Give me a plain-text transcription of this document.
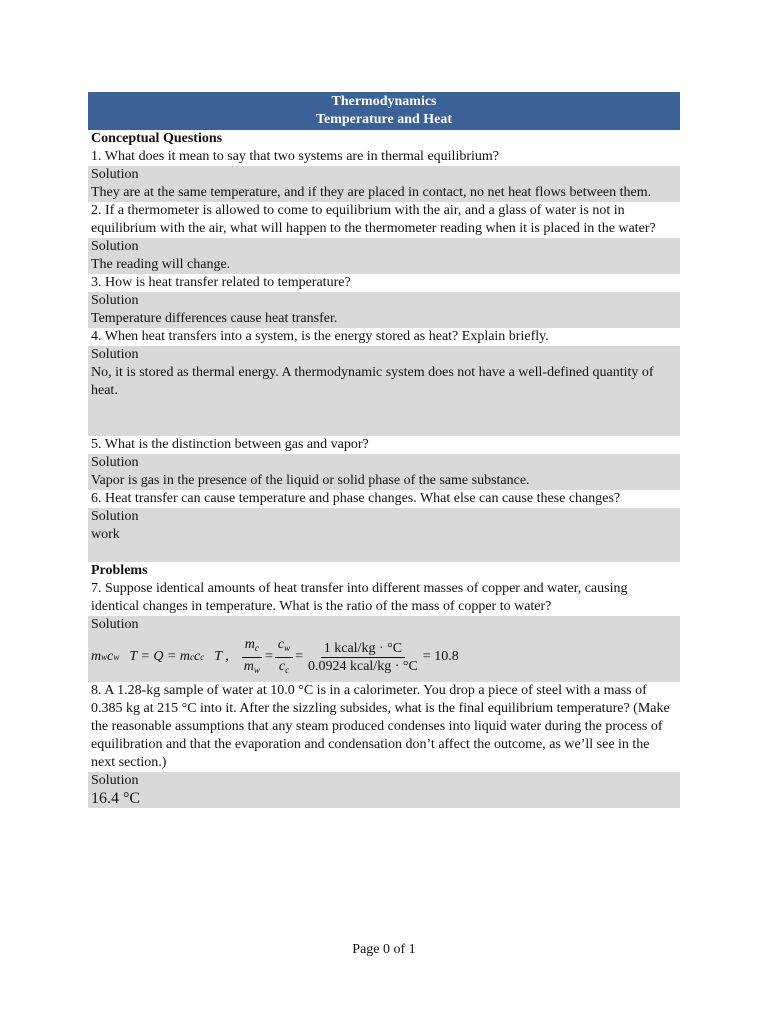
Thermodynamics
Temperature and Heat
Conceptual Questions
1. What does it mean to say that two systems are in thermal equilibrium?
Solution
They are at the same temperature, and if they are placed in contact, no net heat flows between them.
2. If a thermometer is allowed to come to equilibrium with the air, and a glass of water is not in equilibrium with the air, what will happen to the thermometer reading when it is placed in the water?
Solution
The reading will change.
3. How is heat transfer related to temperature?
Solution
Temperature differences cause heat transfer.
4. When heat transfers into a system, is the energy stored as heat? Explain briefly.
Solution
No, it is stored as thermal energy. A thermodynamic system does not have a well-defined quantity of heat.
5. What is the distinction between gas and vapor?
Solution
Vapor is gas in the presence of the liquid or solid phase of the same substance.
6. Heat transfer can cause temperature and phase changes. What else can cause these changes?
Solution
work
Problems
7. Suppose identical amounts of heat transfer into different masses of copper and water, causing identical changes in temperature. What is the ratio of the mass of copper to water?
Solution
m w c w T = Q = m c c c T , $\frac{m_c}{m_w} = \frac{c_w}{c_c} = \frac{\text{1 kcal/kg · °C}}{\text{0.0924 kcal/kg · °C}} = 10.8$
8. A 1.28-kg sample of water at 10.0 °C is in a calorimeter. You drop a piece of steel with a mass of 0.385 kg at 215 °C into it. After the sizzling subsides, what is the final equilibrium temperature? (Make the reasonable assumptions that any steam produced condenses into liquid water during the process of equilibration and that the evaporation and condensation don’t affect the outcome, as we’ll see in the next section.)
Solution
16.4 °C
Page 0 of 1
